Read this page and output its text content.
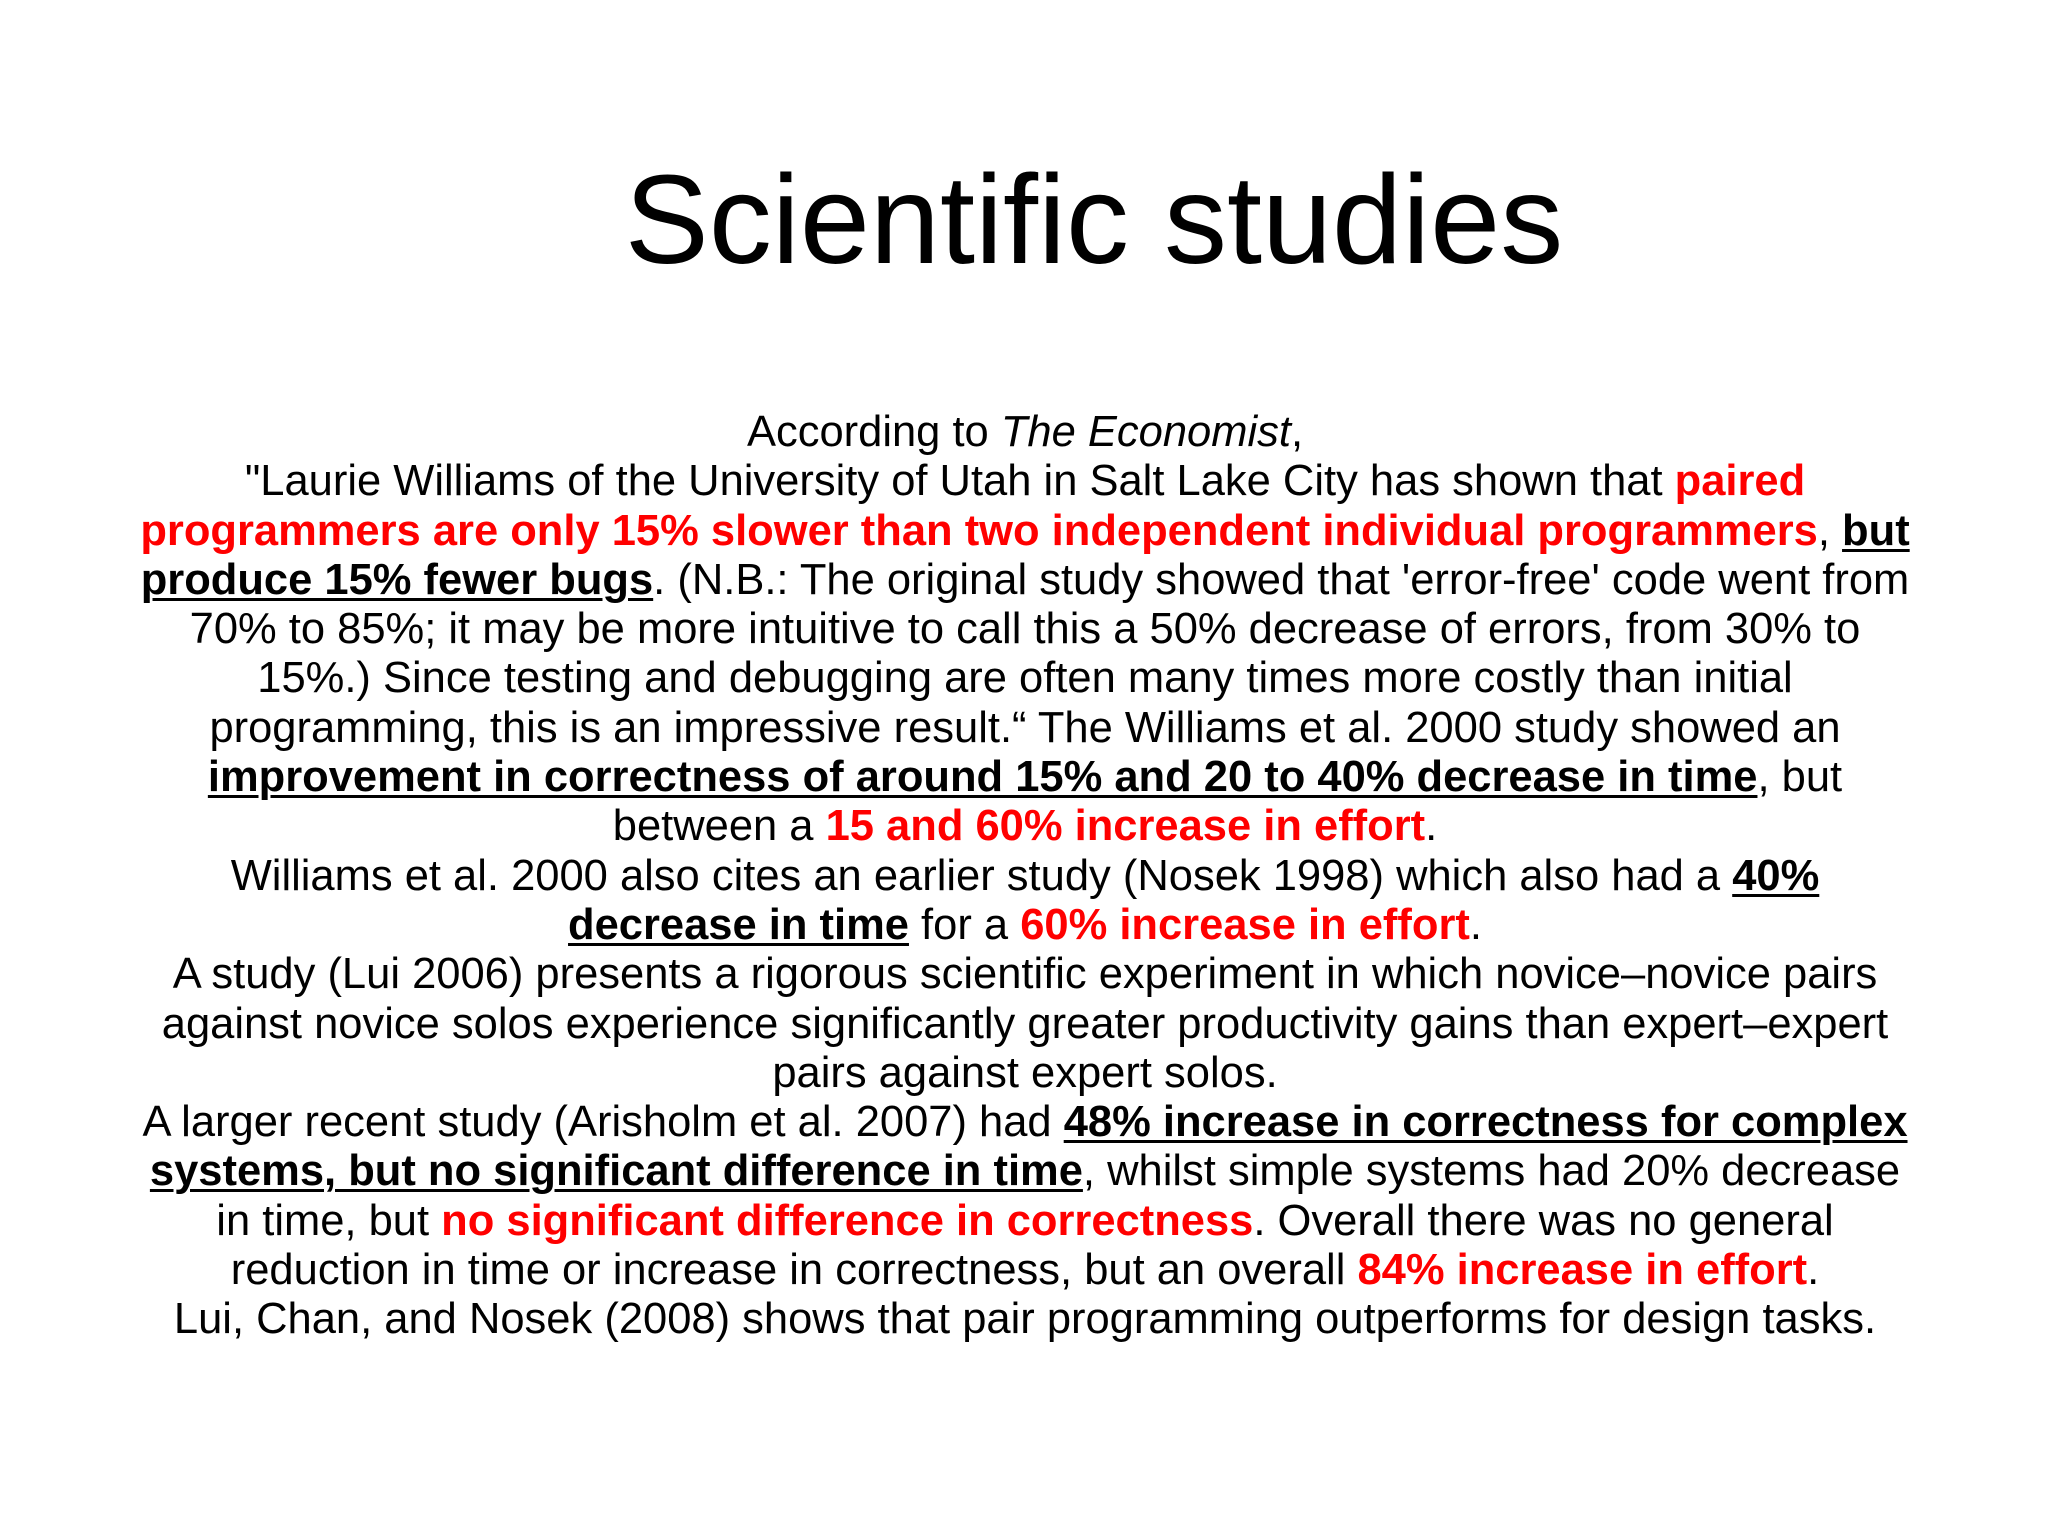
Scientific studies

According to The Economist,

"Laurie Williams of the University of Utah in Salt Lake City has shown that paired programmers are only 15% slower than two independent individual programmers, but produce 15% fewer bugs. (N.B.: The original study showed that 'error-free' code went from 70% to 85%; it may be more intuitive to call this a 50% decrease of errors, from 30% to 15%.) Since testing and debugging are often many times more costly than initial programming, this is an impressive result.“ The Williams et al. 2000 study showed an improvement in correctness of around 15% and 20 to 40% decrease in time, but between a 15 and 60% increase in effort.

Williams et al. 2000 also cites an earlier study (Nosek 1998) which also had a 40% decrease in time for a 60% increase in effort.

A study (Lui 2006) presents a rigorous scientific experiment in which novice–novice pairs against novice solos experience significantly greater productivity gains than expert–expert pairs against expert solos.

A larger recent study (Arisholm et al. 2007) had 48% increase in correctness for complex systems, but no significant difference in time, whilst simple systems had 20% decrease in time, but no significant difference in correctness. Overall there was no general reduction in time or increase in correctness, but an overall 84% increase in effort.

Lui, Chan, and Nosek (2008) shows that pair programming outperforms for design tasks.
